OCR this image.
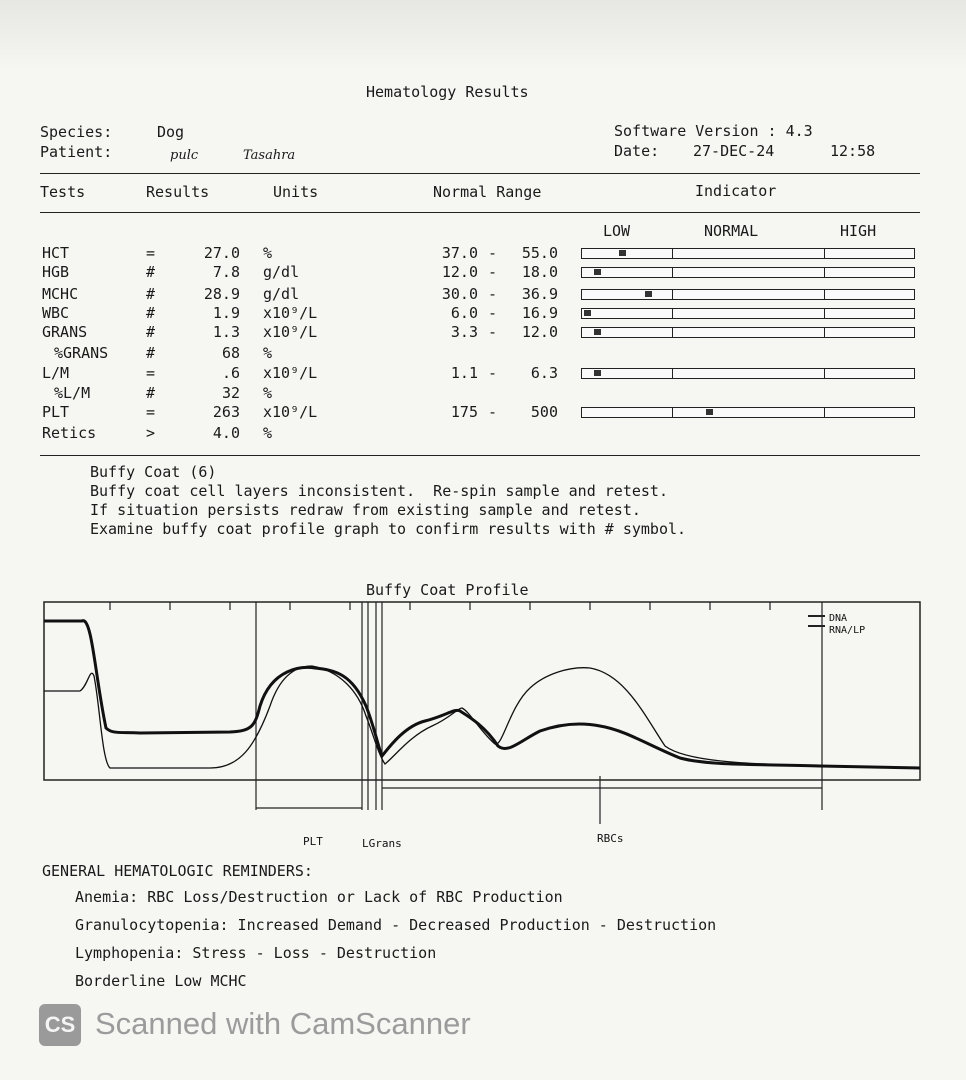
Hematology Results
Species:	Dog
Patient:	pulc	Tasahra
Software Version : 4.3
Date: 27-DEC-24	12:58
Tests	Results	Units	Normal Range	Indicator
LOW	NORMAL	HIGH
HCT	=	27.0 %	37.0 -	55.0
HGB	#	7.8 g/dl	12.0 -	18.0
MCHC	#	28.9 g/dl	30.0 -	36.9
WBC	#	1.9 x10⁹/L	6.0 -	16.9
GRANS	#	1.3 x10⁹/L	3.3 -	12.0
%GRANS	#	68 %
L/M	=	.6 x10⁹/L	1.1 -	6.3
%L/M	#	32 %
PLT	=	263 x10⁹/L	175 -	500
Retics	>	4.0 %
Buffy Coat (6)
Buffy coat cell layers inconsistent.  Re-spin sample and retest.
If situation persists redraw from existing sample and retest.
Examine buffy coat profile graph to confirm results with # symbol.
Buffy Coat Profile
DNA
RNA/LP
PLT	LGrans	RBCs
GENERAL HEMATOLOGIC REMINDERS:
Anemia: RBC Loss/Destruction or Lack of RBC Production
Granulocytopenia: Increased Demand - Decreased Production - Destruction
Lymphopenia: Stress - Loss - Destruction
Borderline Low MCHC
CS Scanned with CamScanner
